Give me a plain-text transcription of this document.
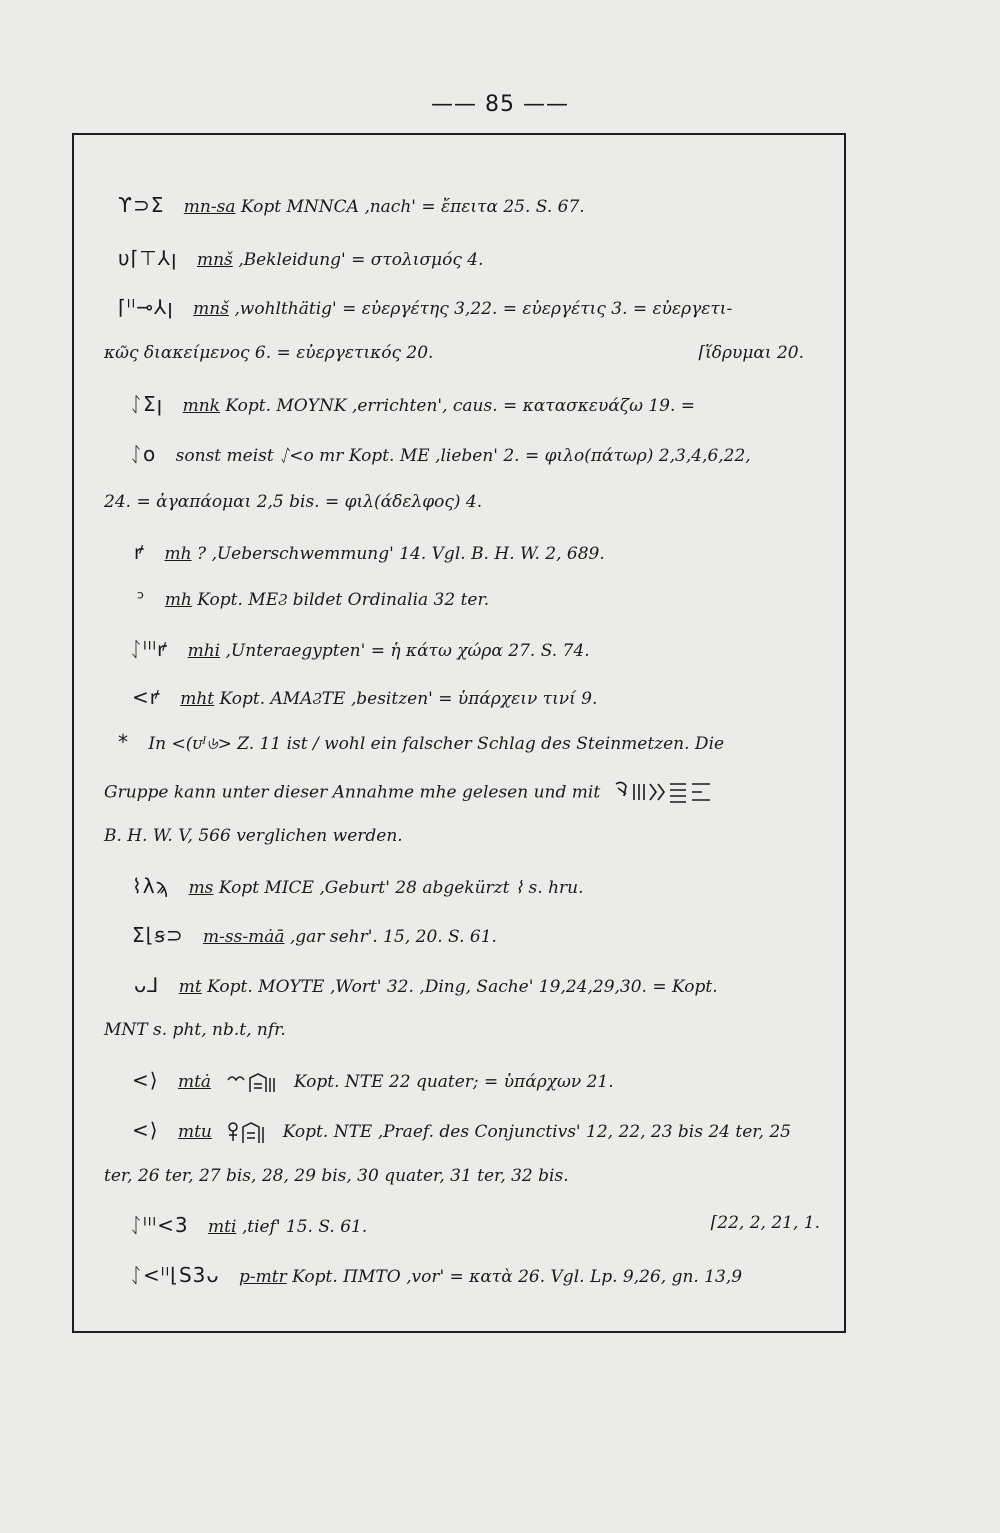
—— 85 ——
ϒ⊃Σ mn-sa Kopt ΜΝΝCΑ ‚nach' = ἔπειτα 25. S. 67.
υ⌈⊤⅄ꞁ mnš ‚Bekleidung' = στολισμός 4.
⌈ᴵᴵ⊸⅄ꞁ mnš ‚wohlthätig' = εὐεργέτης 3,22. = εὐεργέτις 3. = εὐεργετι-
κῶς διακείμενος 6. = εὐεργετικός 20.	⌈ἵδρυμαι 20.
ᛇΣꞁ mnk Kopt. ΜΟΥΝΚ ‚errichten', caus. = κατασκευάζω 19. =
ᛇo sonst meist ᛇ<o mr Kopt. ΜΕ ‚lieben' 2. = φιλο(πάτωρ) 2,3,4,6,22,
24. = ἀγαπάομαι 2,5 bis. = φιλ(άδελφος) 4.
ꝵ mh ? ‚Ueberschwemmung' 14. Vgl. B. H. W. 2, 689.
ᵓ mh Kopt. ΜΕϨ bildet Ordinalia 32 ter.
ᛇᴵᴵᴵꝵ mhi ‚Unteraegypten' = ἡ κάτω χώρα 27. S. 74.
<ꝵ mht Kopt. ΑΜΑϨΤΕ ‚besitzen' = ὑπάρχειν τινί 9.
* In <(ᴜᴵ৬> Z. 11 ist / wohl ein falscher Schlag des Steinmetzen. Die
Gruppe kann unter dieser Annahme mhe gelesen und mit
B. H. W. V, 566 verglichen werden.
⌇λϡ ms Kopt ΜΙCΕ ‚Geburt' 28 abgekürzt ⌇ s. hru.
Σ⌊ꞩ⊃ m-ss-mȧā ‚gar sehr'. 15, 20. S. 61.
ᴗ⅃ mt Kopt. ΜΟΥΤΕ ‚Wort' 32. ‚Ding, Sache' 19,24,29,30. = Kopt.
ΜΝΤ s. pht, nb.t, nfr.
<⟩ mtȧ	Kopt. ΝΤΕ 22 quater; = ὑπάρχων 21.
<⟩ mtu	Kopt. ΝΤΕ ‚Praef. des Conjunctivs' 12, 22, 23 bis 24 ter, 25
ter, 26 ter, 27 bis, 28, 29 bis, 30 quater, 31 ter, 32 bis.
ᛇᴵᴵᴵ<3 mti ‚tief' 15. S. 61.	⌈22, 2, 21, 1.
ᛇ<ᴵᴵ⌊S3ᴗ p-mtr Kopt. ΠΜΤΟ ‚vor' = κατὰ 26. Vgl. Lp. 9,26, gn. 13,9
